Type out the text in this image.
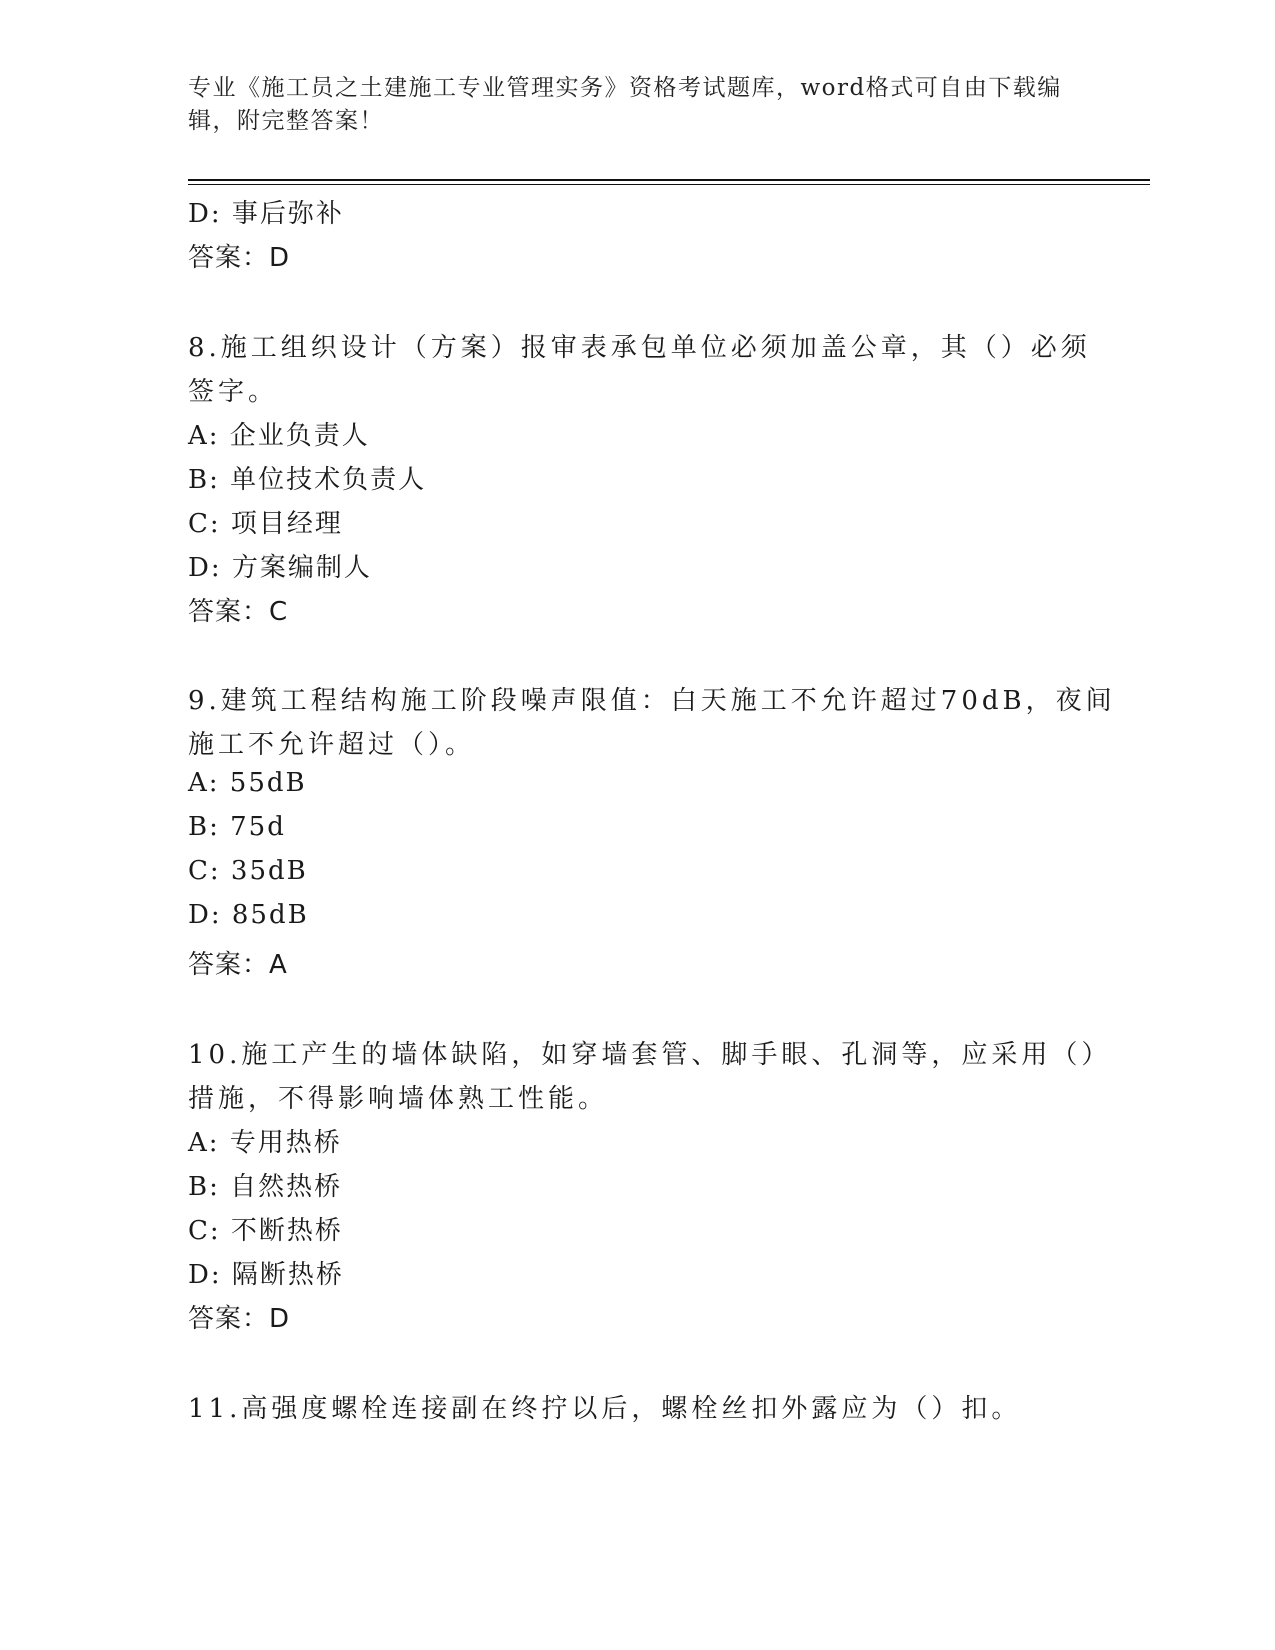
专业《施工员之土建施工专业管理实务》资格考试题库，word格式可自由下载编辑，附完整答案！
D: 事后弥补
答案：D
8.施工组织设计（方案）报审表承包单位必须加盖公章，其（）必须
签字。
A: 企业负责人
B: 单位技术负责人
C: 项目经理
D: 方案编制人
答案：C
9.建筑工程结构施工阶段噪声限值：白天施工不允许超过70dB，夜间
施工不允许超过（）。
A: 55dB
B: 75d
C: 35dB
D: 85dB
答案：A
10.施工产生的墙体缺陷，如穿墙套管、脚手眼、孔洞等，应采用（）
措施，不得影响墙体熟工性能。
A: 专用热桥
B: 自然热桥
C: 不断热桥
D: 隔断热桥
答案：D
11.高强度螺栓连接副在终拧以后，螺栓丝扣外露应为（）扣。
